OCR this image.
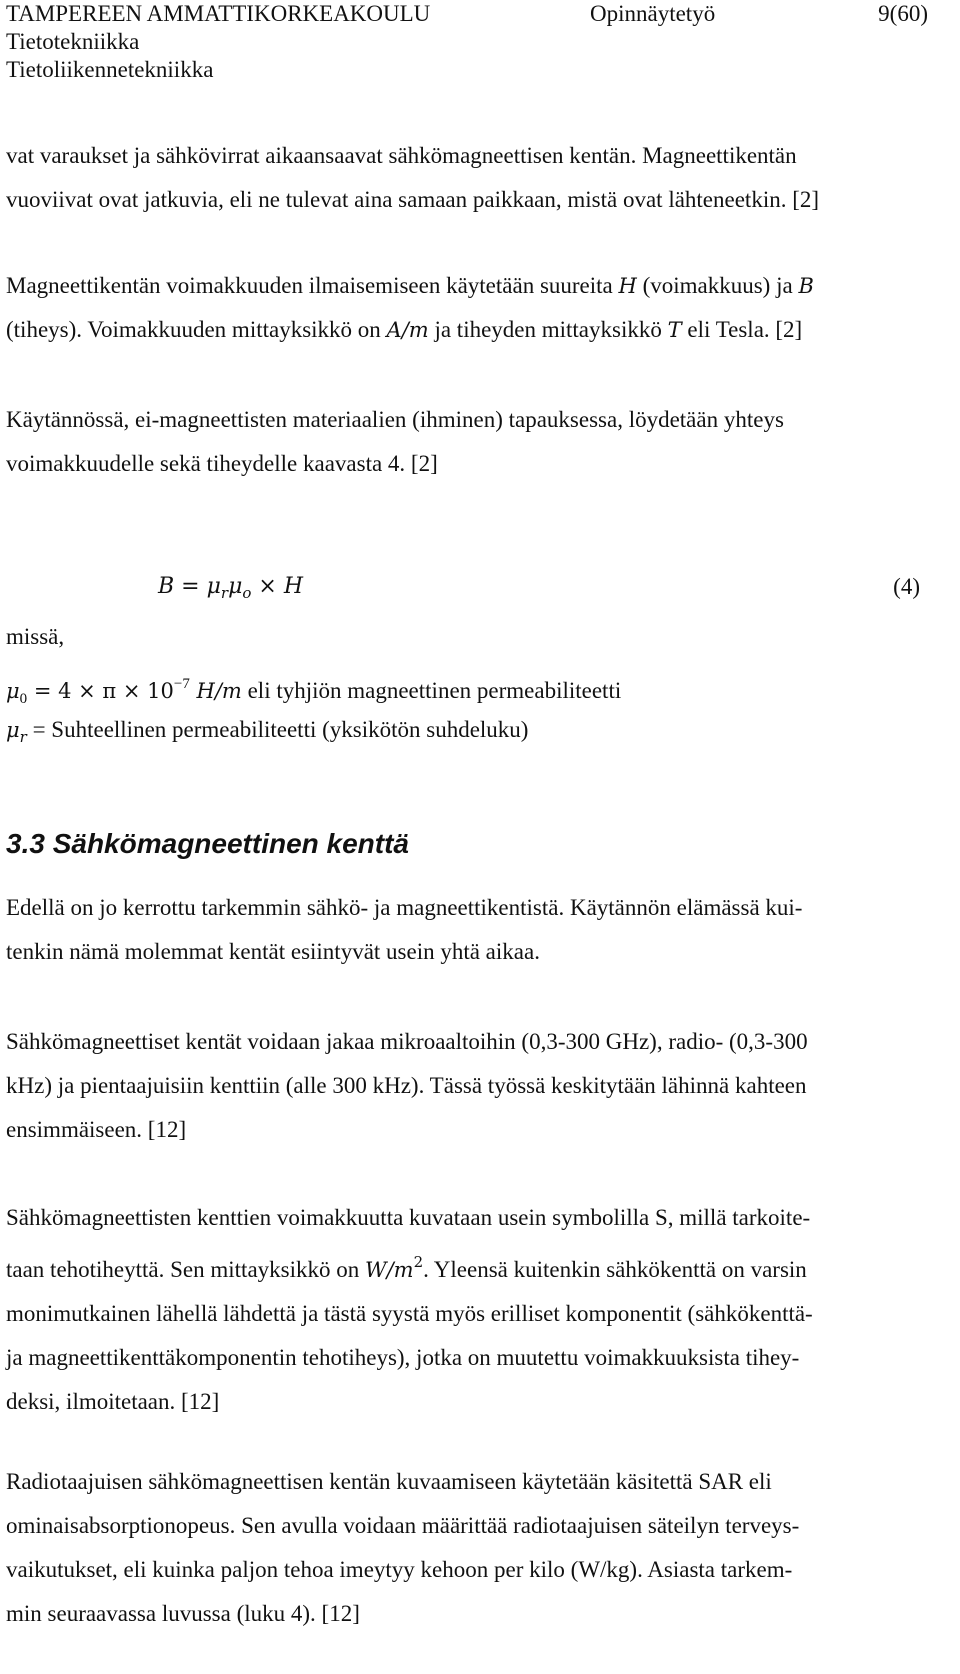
TAMPEREEN AMMATTIKORKEAKOULU	Opinnäytetyö	9(60)
Tietotekniikka
Tietoliikennetekniikka

vat varaukset ja sähkövirrat aikaansaavat sähkömagneettisen kentän. Magneettikentän
vuoviivat ovat jatkuvia, eli ne tulevat aina samaan paikkaan, mistä ovat lähteneetkin. [2]

Magneettikentän voimakkuuden ilmaisemiseen käytetään suureita H (voimakkuus) ja B
(tiheys). Voimakkuuden mittayksikkö on A/m ja tiheyden mittayksikkö T eli Tesla. [2]

Käytännössä, ei-magneettisten materiaalien (ihminen) tapauksessa, löydetään yhteys
voimakkuudelle sekä tiheydelle kaavasta 4. [2]

$B = \mu_r\mu_o \times H$	(4)
missä,
$\mu_0 = 4 \times \pi \times 10^{-7}$ H/m eli tyhjiön magneettinen permeabiliteetti
$\mu_r$ = Suhteellinen permeabiliteetti (yksikötön suhdeluku)
3.3 Sähkömagneettinen kenttä

Edellä on jo kerrottu tarkemmin sähkö- ja magneettikentistä. Käytännön elämässä kui-
tenkin nämä molemmat kentät esiintyvät usein yhtä aikaa.

Sähkömagneettiset kentät voidaan jakaa mikroaaltoihin (0,3-300 GHz), radio- (0,3-300
kHz) ja pientaajuisiin kenttiin (alle 300 kHz). Tässä työssä keskitytään lähinnä kahteen
ensimmäiseen. [12]

Sähkömagneettisten kenttien voimakkuutta kuvataan usein symbolilla S, millä tarkoite-
taan tehotiheyttä. Sen mittayksikkö on $W/m^2$. Yleensä kuitenkin sähkökenttä on varsin
monimutkainen lähellä lähdettä ja tästä syystä myös erilliset komponentit (sähkökenttä-
ja magneettikenttäkomponentin tehotiheys), jotka on muutettu voimakkuuksista tihey-
deksi, ilmoitetaan. [12]

Radiotaajuisen sähkömagneettisen kentän kuvaamiseen käytetään käsitettä SAR eli
ominaisabsorptionopeus. Sen avulla voidaan määrittää radiotaajuisen säteilyn terveys-
vaikutukset, eli kuinka paljon tehoa imeytyy kehoon per kilo (W/kg). Asiasta tarkem-
min seuraavassa luvussa (luku 4). [12]
